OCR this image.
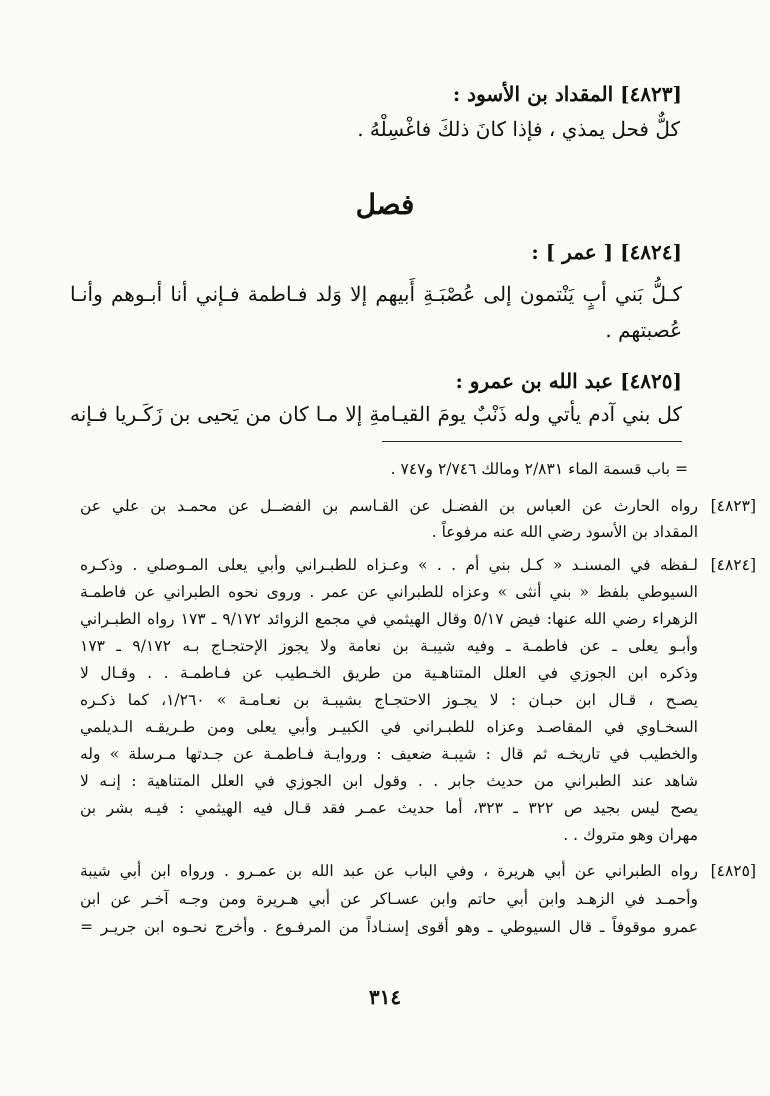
[٤٨٢٣] المقداد بن الأسود :
كلٌّ فحل يمذي ، فإذا كانَ ذلكَ فاغْسِلْهُ .
فصل
[٤٨٢٤] [ عمر ] :
كـلُّ بَني أبٍ يَنْتمون إلى عُصْبَـةِ أَبيهم إلا وَلد فـاطمة فـإني أنا أبـوهم وأنـا
عُصبتهم .
[٤٨٢٥] عبد الله بن عمرو :
كل بني آدم يأتي وله ذَنْبٌ يومَ القيـامةِ إلا مـا كان من يَحيى بن زَكَـريا فـإنه
= باب قسمة الماء ٢/٨٣١ ومالك ٢/٧٤٦ و٧٤٧ .
[٤٨٢٣]
رواه الحارث عن العباس بن الفضـل عن القـاسم بن الفضــل عن محمـد بن علي عن
المقداد بن الأسود رضي الله عنه مرفوعاً .
[٤٨٢٤]
لـفظه في المسنـد « كـل بني أم . . » وعـزاه للطبـراني وأبي يعلى المـوصلي . وذكـره
السيوطي بلفظ « بني أنثى » وعزاه للطبراني عن عمر . وروى نحوه الطبراني عن فاطمـة
الزهراء رضي الله عنها: فيض ٥/١٧ وقال الهيثمي في مجمع الزوائد ٩/١٧٢ ـ ١٧٣ رواه الطبـراني
وأبـو يعلى ـ عن فاطمـة ـ وفيه شيبـة بن نعامة ولا يجوز الإحتجـاج بـه ٩/١٧٢ ـ ١٧٣
وذكره ابن الجوزي في العلل المتناهـية من طريق الخـطيب عن فـاطمـة . . وقـال لا
يصـح ، قـال ابن حبـان : لا يجـوز الاحتجـاج بشيبـة بن نعـامـة » ١/٢٦٠، كما ذكـره
السخـاوي في المقاصـد وعزاه للطبـراني في الكبيـر وأبي يعلى ومن طـريقـه الـديلمي
والخطيب في تاريخـه ثم قال : شيبـة ضعيف : وروايـة فـاطمـة عن جـدتها مـرسلة » وله
شاهد عند الطبراني من حديث جابر . . وقول ابن الجوزي في العلل المتناهية : إنـه لا
يصح ليس بجيد ص ٣٢٢ ـ ٣٢٣، أما حديث عمـر فقد قـال فيه الهيثمي : فيـه بشر بن
مهران وهو متروك . .
[٤٨٢٥]
رواه الطبراني عن أبي هريرة ، وفي الباب عن عبد الله بن عمـرو . ورواه ابن أبي شيبة
وأحمـد في الزهـد وابن أبي حاتم وابن عسـاكر عن أبي هـريرة ومن وجـه آخـر عن ابن
عمرو موقوفاً ـ قال السيوطي ـ وهو أقوى إسنـاداً من المرفـوع . وأخرج نحـوه ابن جريـر =
٣١٤
